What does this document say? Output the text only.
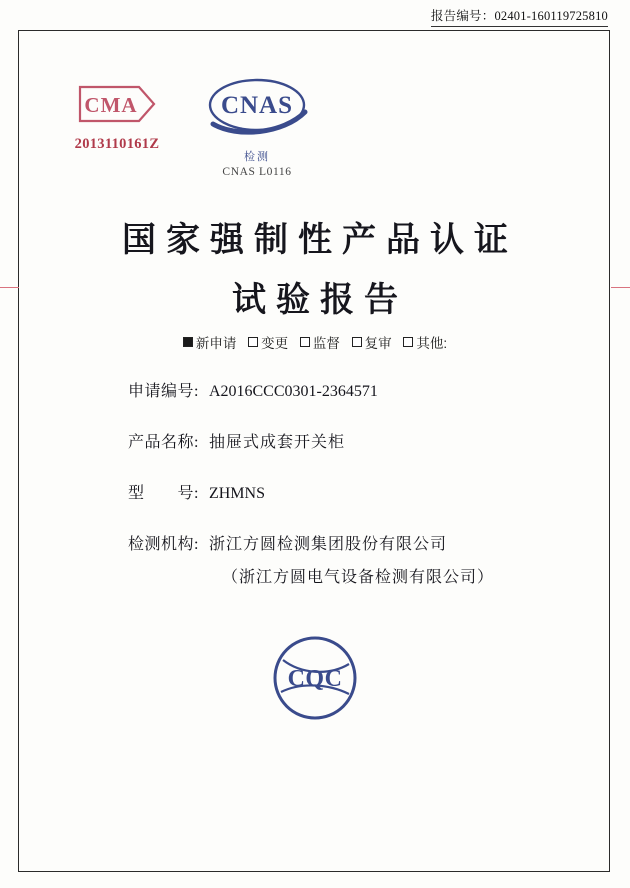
报告编号：02401-160119725810
CMA
2013110161Z
CNAS
检测
CNAS L0116
国家强制性产品认证
试验报告
新申请 变更 监督 复审 其他:
申请编号: A2016CCC0301-2364571
产品名称: 抽屉式成套开关柜
型　　号: ZHMNS
检测机构: 浙江方圆检测集团股份有限公司
（浙江方圆电气设备检测有限公司）
CQC
